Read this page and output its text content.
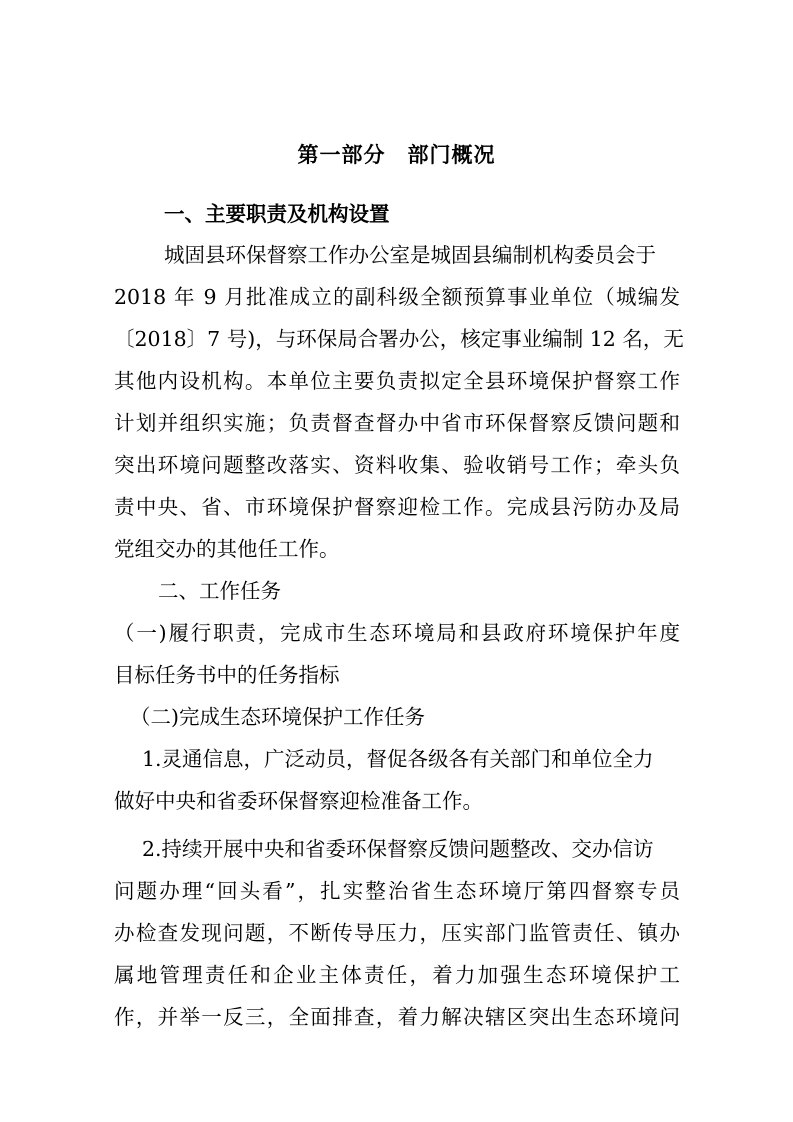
第一部分　部门概况
一、主要职责及机构设置
城固县环保督察工作办公室是城固县编制机构委员会于
2018 年 9 月批准成立的副科级全额预算事业单位（城编发
〔2018〕7 号)，与环保局合署办公，核定事业编制 12 名，无
其他内设机构。本单位主要负责拟定全县环境保护督察工作
计划并组织实施；负责督查督办中省市环保督察反馈问题和
突出环境问题整改落实、资料收集、验收销号工作；牵头负
责中央、省、市环境保护督察迎检工作。完成县污防办及局
党组交办的其他任工作。
二、工作任务
（一)履行职责，完成市生态环境局和县政府环境保护年度
目标任务书中的任务指标
（二)完成生态环境保护工作任务
1.灵通信息，广泛动员，督促各级各有关部门和单位全力
做好中央和省委环保督察迎检准备工作。
2.持续开展中央和省委环保督察反馈问题整改、交办信访
问题办理“回头看”，扎实整治省生态环境厅第四督察专员
办检查发现问题，不断传导压力，压实部门监管责任、镇办
属地管理责任和企业主体责任，着力加强生态环境保护工
作，并举一反三，全面排查，着力解决辖区突出生态环境问
